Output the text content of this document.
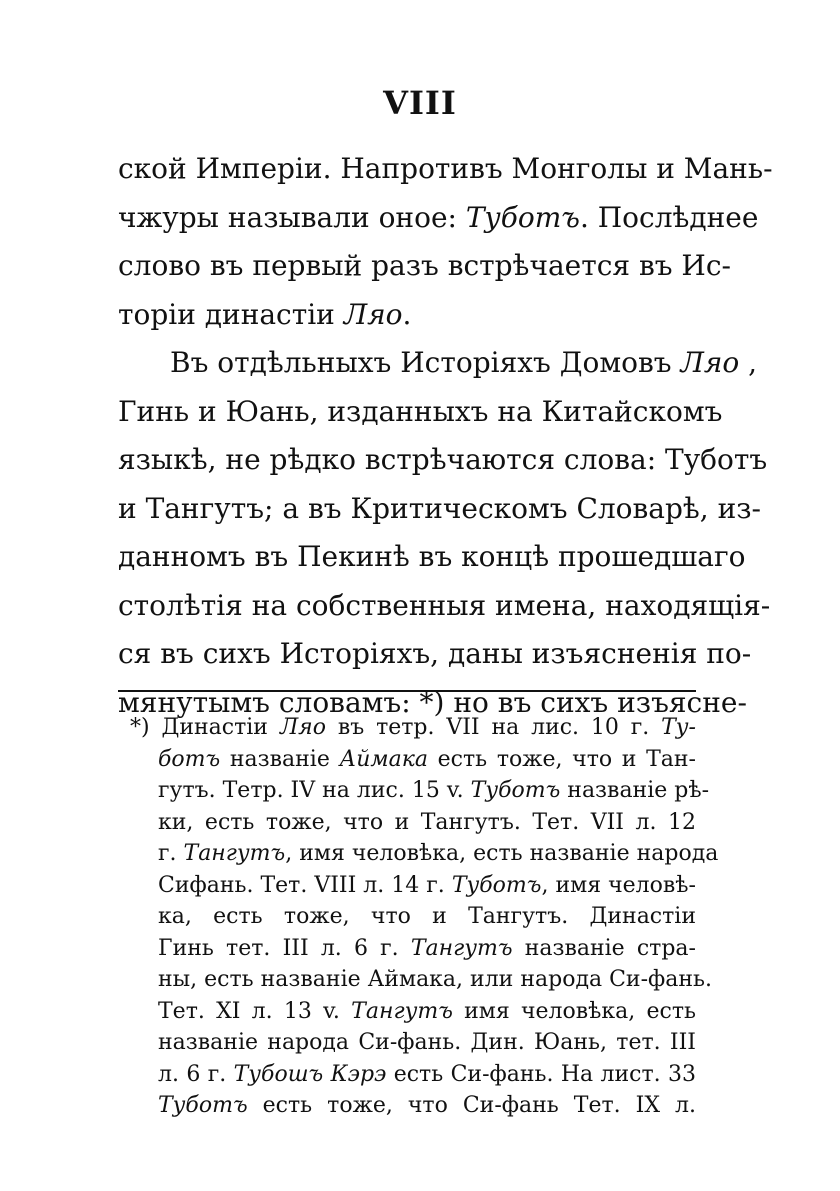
VIII
ской Имперіи. Напротивъ Монголы и Мань-
чжуры называли оное: Туботъ. Послѣднее
слово въ первый разъ встрѣчается въ Ис-
торіи династіи Ляо.
Въ отдѣльныхъ Исторіяхъ Домовъ Ляо ,
Гинь и Юань, изданныхъ на Китайскомъ
языкѣ, не рѣдко встрѣчаются слова: Туботъ
и Тангутъ; а въ Критическомъ Словарѣ, из-
данномъ въ Пекинѣ въ концѣ прошедшаго
столѣтія на собственныя имена, находящія-
ся въ сихъ Исторіяхъ, даны изъясненія по-
мянутымъ словамъ: *) но въ сихъ изъясне-
*) Династіи Ляо въ тетр. VII на лис. 10 г. Ту-
ботъ названіе Аймака есть тоже, что и Тан-
гутъ. Тетр. IV на лис. 15 v. Туботъ названіе рѣ-
ки, есть тоже, что и Тангутъ. Тет. VII л. 12
г. Тангутъ, имя человѣка, есть названіе народа
Сифань. Тет. VIII л. 14 г. Туботъ, имя человѣ-
ка, есть тоже, что и Тангутъ. Династіи
Гинь тет. III л. 6 г. Тангутъ названіе стра-
ны, есть названіе Аймака, или народа Си-фань.
Тет. XI л. 13 v. Тангутъ имя человѣка, есть
названіе народа Си-фань. Дин. Юань, тет. III
л. 6 г. Тубошъ Кэрэ есть Си-фань. На лист. 33
Туботъ есть тоже, что Си-фань Тет. IX л.
